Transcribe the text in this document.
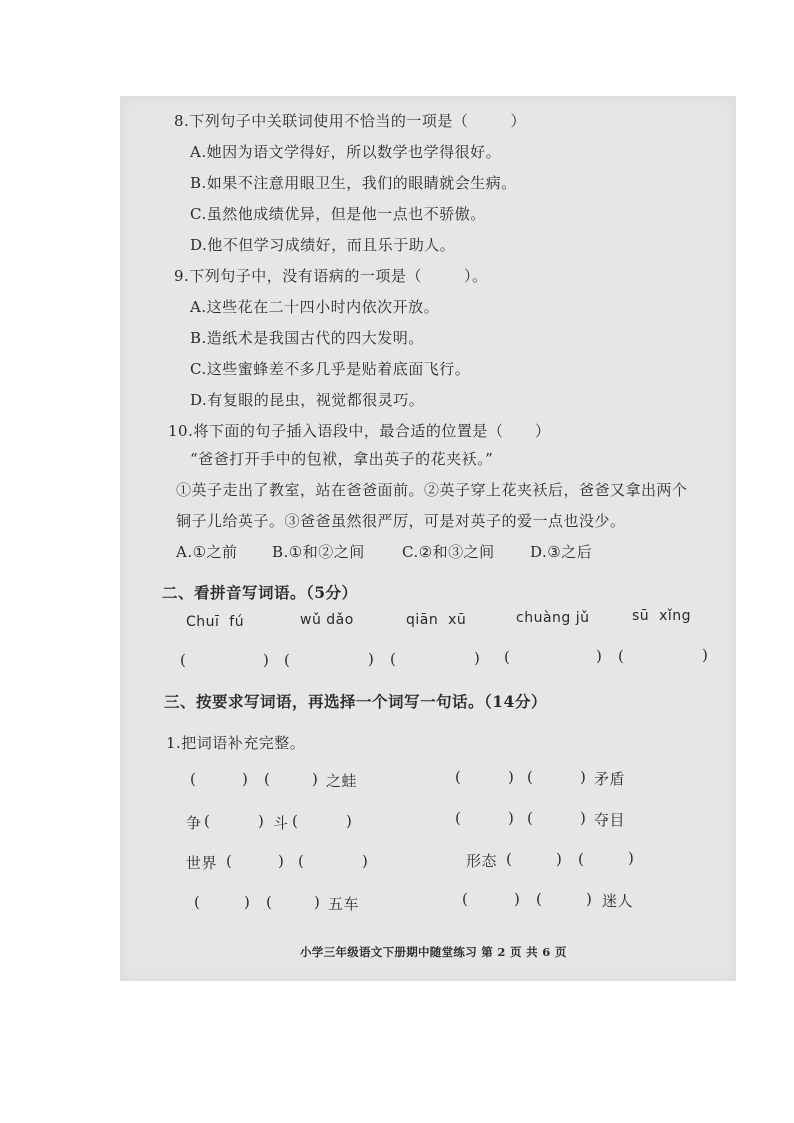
8.下列句子中关联词使用不恰当的一项是（        ）
A.她因为语文学得好，所以数学也学得很好。
B.如果不注意用眼卫生，我们的眼睛就会生病。
C.虽然他成绩优异，但是他一点也不骄傲。
D.他不但学习成绩好，而且乐于助人。
9.下列句子中，没有语病的一项是（        ）。
A.这些花在二十四小时内依次开放。
B.造纸术是我国古代的四大发明。
C.这些蜜蜂差不多几乎是贴着底面飞行。
D.有复眼的昆虫，视觉都很灵巧。
10.将下面的句子插入语段中，最合适的位置是（      ）
“爸爸打开手中的包袱，拿出英子的花夹袄。”
①英子走出了教室，站在爸爸面前。②英子穿上花夹袄后，爸爸又拿出两个
铜子儿给英子。③爸爸虽然很严厉，可是对英子的爱一点也没少。
A.①之前 B.①和②之间 C.②和③之间 D.③之后
二、看拼音写词语。（5分）
Chuī  fú	wǔ dǎo	qiān  xū	chuàng jǔ	sū  xǐng
(	) (	) (	) (	) (	)
三、按要求写词语，再选择一个词写一句话。（14分）
1.把词语补充完整。
(	) (	) 之蛙	(	) (	) 矛盾
争 (	) 斗 (	)	(	) (	) 夺目
世界 (	) (	)	形态 (	) (	)
(	) (	) 五车	(	) (	) 迷人
小学三年级语文下册期中随堂练习 第 2 页 共 6 页
